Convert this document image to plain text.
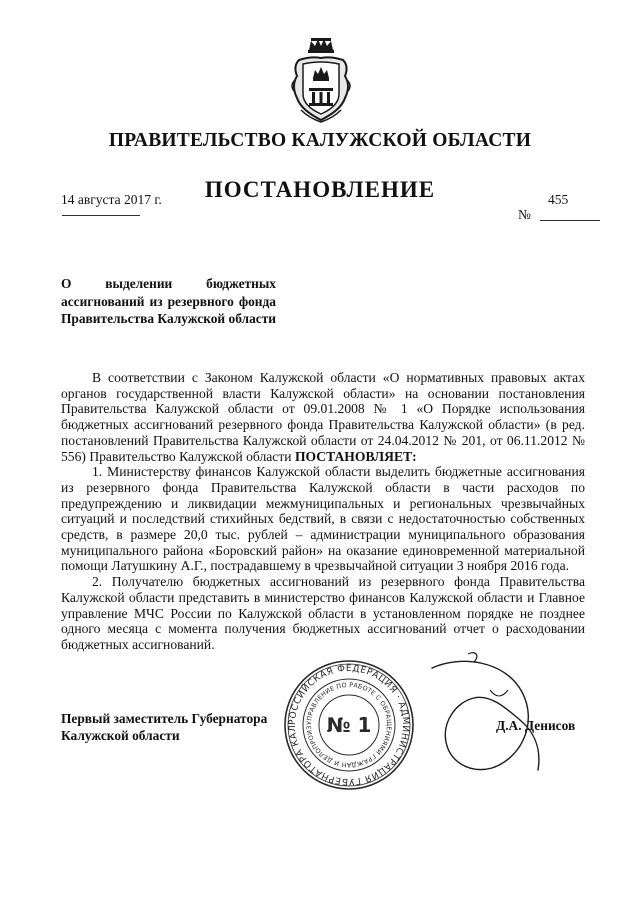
ПРАВИТЕЛЬСТВО КАЛУЖСКОЙ ОБЛАСТИ
ПОСТАНОВЛЕНИЕ
14 августа 2017 г.	455
№
О выделении бюджетных ассигнований из резервного фонда Правительства Калужской области

В соответствии с Законом Калужской области «О нормативных правовых актах органов государственной власти Калужской области» на основании постановления Правительства Калужской области от 09.01.2008 № 1 «О Порядке использования бюджетных ассигнований резервного фонда Правительства Калужской области» (в ред. постановлений Правительства Калужской области от 24.04.2012 № 201, от 06.11.2012 № 556) Правительство Калужской области ПОСТАНОВЛЯЕТ:

1. Министерству финансов Калужской области выделить бюджетные ассигнования из резервного фонда Правительства Калужской области в части расходов по предупреждению и ликвидации межмуниципальных и региональных чрезвычайных ситуаций и последствий стихийных бедствий, в связи с недостаточностью собственных средств, в размере 20,0 тыс. рублей – администрации муниципального образования муниципального района «Боровский район» на оказание единовременной материальной помощи Латушкину А.Г., пострадавшему в чрезвычайной ситуации 3 ноября 2016 года.

2. Получателю бюджетных ассигнований из резервного фонда Правительства Калужской области представить в министерство финансов Калужской области и Главное управление МЧС России по Калужской области в установленном порядке не позднее одного месяца с момента получения бюджетных ассигнований отчет о расходовании бюджетных ассигнований.

Первый заместитель Губернатора Калужской области
Д.А. Денисов
РОССИЙСКАЯ ФЕДЕРАЦИЯ · АДМИНИСТРАЦИЯ ГУБЕРНАТОРА КАЛ
УПРАВЛЕНИЕ ПО РАБОТЕ С ОБРАЩЕНИЯМИ ГРАЖДАН И ДЕЛОПРОИЗ № 1
